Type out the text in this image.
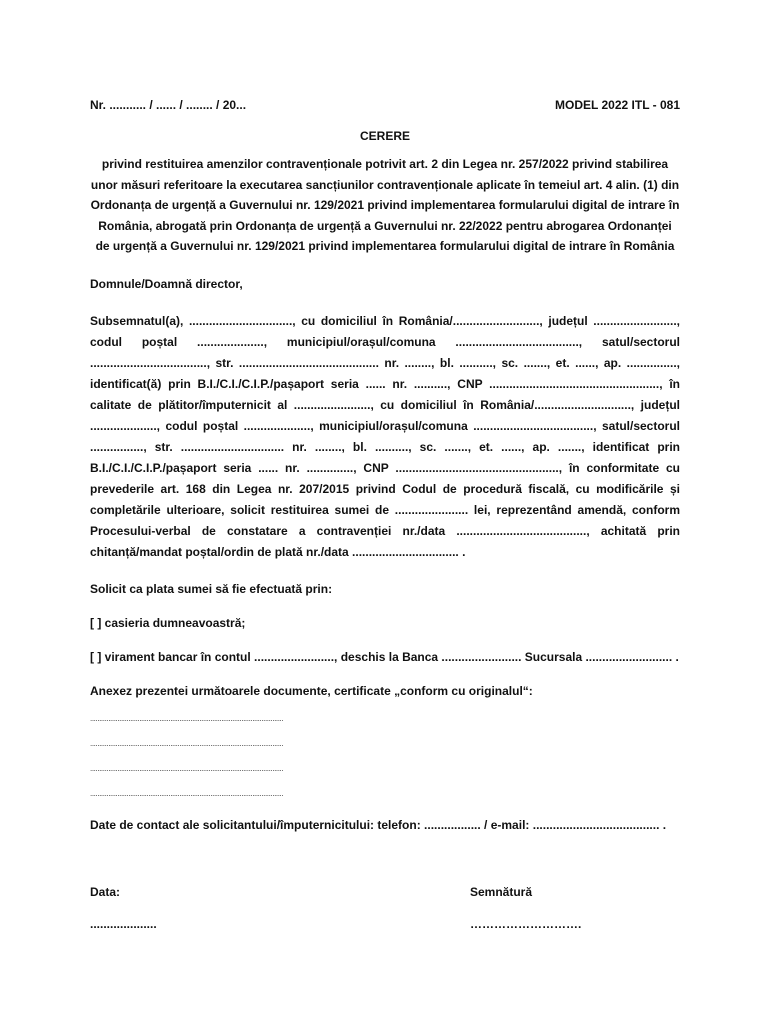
Nr. ........... / ...... / ........ / 20...	MODEL 2022 ITL - 081
CERERE
privind restituirea amenzilor contravenționale potrivit art. 2 din Legea nr. 257/2022 privind stabilirea unor măsuri referitoare la executarea sancțiunilor contravenționale aplicate în temeiul art. 4 alin. (1) din Ordonanța de urgență a Guvernului nr. 129/2021 privind implementarea formularului digital de intrare în România, abrogată prin Ordonanța de urgență a Guvernului nr. 22/2022 pentru abrogarea Ordonanței de urgență a Guvernului nr. 129/2021 privind implementarea formularului digital de intrare în România
Domnule/Doamnă director,
Subsemnatul(a), ..............................., cu domiciliul în România/.........................., județul ........................., codul poștal ...................., municipiul/orașul/comuna ....................................., satul/sectorul ..................................., str. .......................................... nr. ........, bl. .........., sc. ......., et. ......, ap. ..............., identificat(ă) prin B.I./C.I./C.I.P./pașaport seria ...... nr. .........., CNP ..................................................., în calitate de plătitor/împuternicit al ......................., cu domiciliul în România/............................., județul ...................., codul poștal ...................., municipiul/orașul/comuna ...................................., satul/sectorul ................, str. ............................... nr. ........, bl. .........., sc. ......., et. ......, ap. ......., identificat prin B.I./C.I./C.I.P./pașaport seria ...... nr. .............., CNP ................................................., în conformitate cu prevederile art. 168 din Legea nr. 207/2015 privind Codul de procedură fiscală, cu modificările și completările ulterioare, solicit restituirea sumei de ...................... lei, reprezentând amendă, conform Procesului-verbal de constatare a contravenției nr./data ......................................., achitată prin chitanță/mandat poștal/ordin de plată nr./data ................................ .
Solicit ca plata sumei să fie efectuată prin:
[ ] casieria dumneavoastră;
[ ] virament bancar în contul ........................, deschis la Banca ........................ Sucursala .......................... .
Anexez prezentei următoarele documente, certificate „conform cu originalul“:
..........................................................................................................
..........................................................................................................
..........................................................................................................
..........................................................................................................
Date de contact ale solicitantului/împuternicitului: telefon: ................. / e-mail: ...................................... .
Data:	Semnătură
....................	……………………….
